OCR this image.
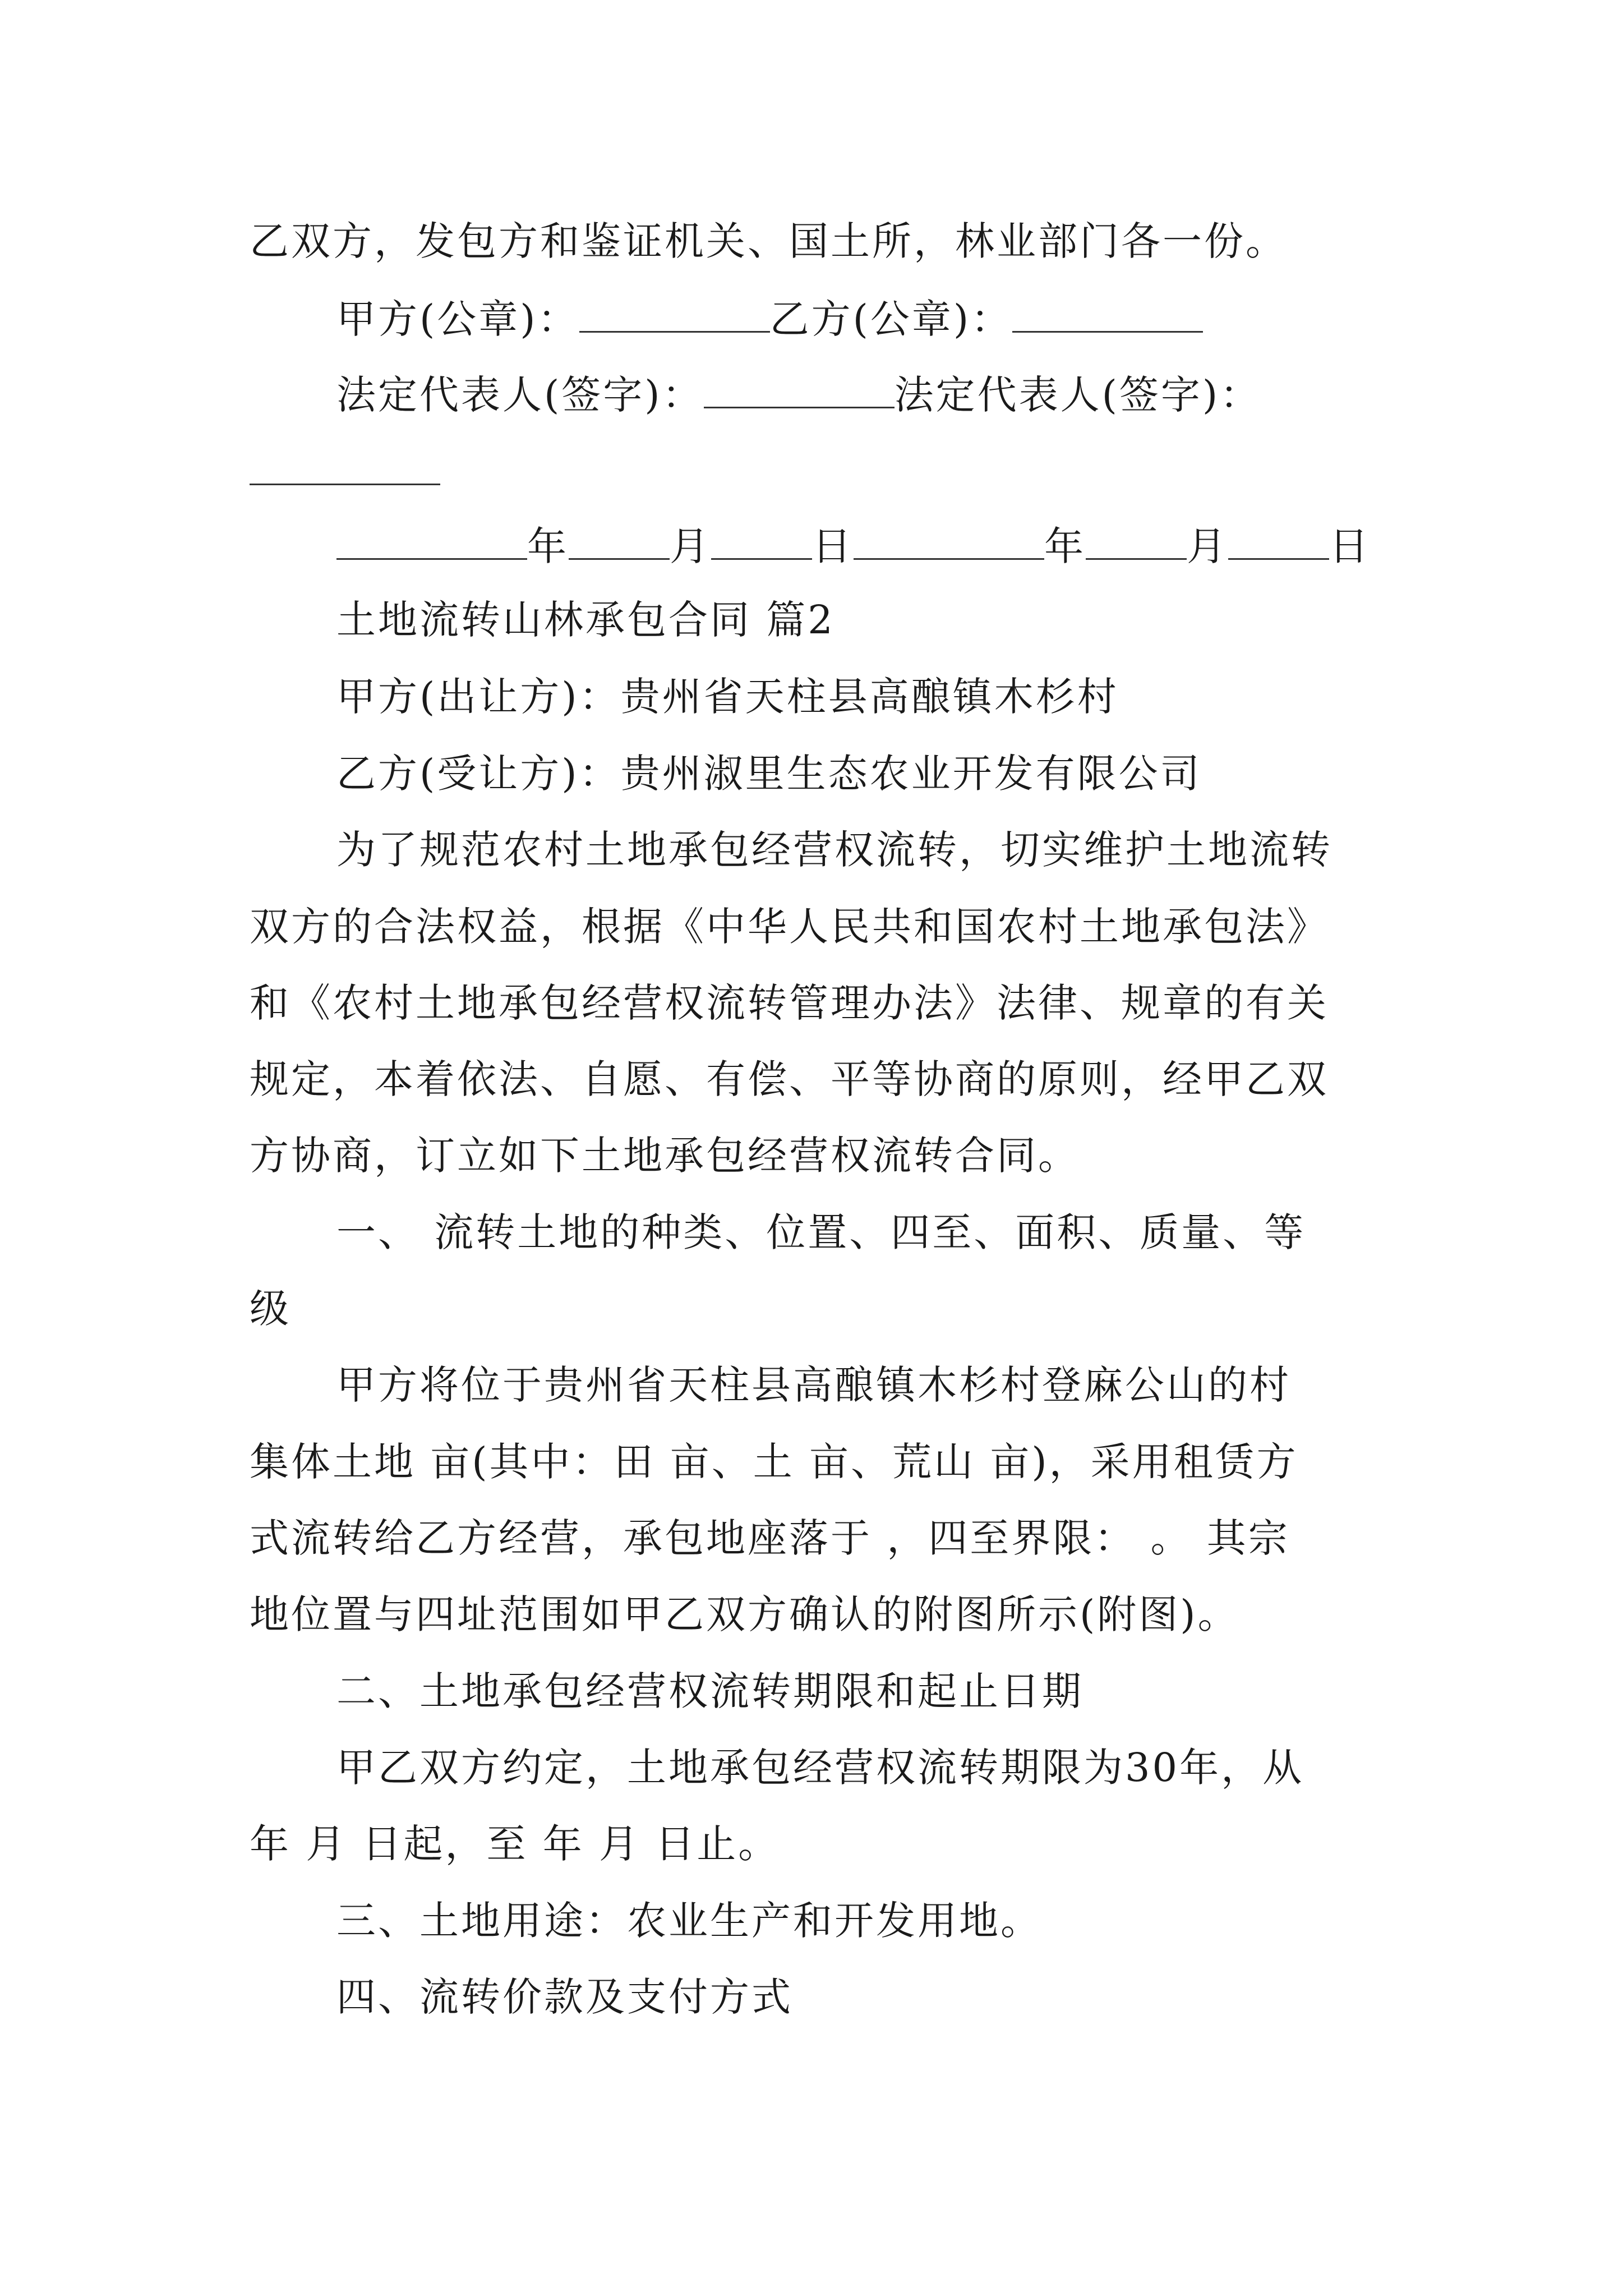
乙双方，发包方和鉴证机关、国土所，林业部门各一份。
甲方(公章)：	乙方(公章)：
法定代表人(签字)：	法定代表人(签字)：
年	月	日	年	月	日
土地流转山林承包合同 篇2
甲方(出让方)：贵州省天柱县高酿镇木杉村
乙方(受让方)：贵州淑里生态农业开发有限公司
为了规范农村土地承包经营权流转，切实维护土地流转
双方的合法权益，根据《中华人民共和国农村土地承包法》
和《农村土地承包经营权流转管理办法》法律、规章的有关
规定，本着依法、自愿、有偿、平等协商的原则，经甲乙双
方协商，订立如下土地承包经营权流转合同。
一、 流转土地的种类、位置、四至、面积、质量、等
级
甲方将位于贵州省天柱县高酿镇木杉村登麻公山的村
集体土地 亩(其中：田 亩、土 亩、荒山 亩)，采用租赁方
式流转给乙方经营，承包地座落于 ，四至界限： 。 其宗
地位置与四址范围如甲乙双方确认的附图所示(附图)。
二、土地承包经营权流转期限和起止日期
甲乙双方约定，土地承包经营权流转期限为30年，从
年 月 日起，至 年 月 日止。
三、土地用途：农业生产和开发用地。
四、流转价款及支付方式
